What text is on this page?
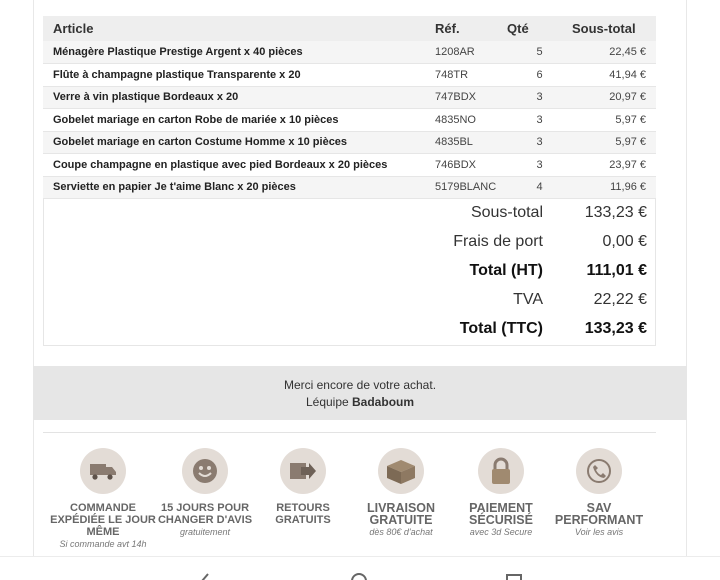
Article	Réf.	Qté	Sous-total
Ménagère Plastique Prestige Argent x 40 pièces	1208AR	5	22,45 €
Flûte à champagne plastique Transparente x 20	748TR	6	41,94 €
Verre à vin plastique Bordeaux x 20	747BDX	3	20,97 €
Gobelet mariage en carton Robe de mariée x 10 pièces	4835NO	3	5,97 €
Gobelet mariage en carton Costume Homme x 10 pièces	4835BL	3	5,97 €
Coupe champagne en plastique avec pied Bordeaux x 20 pièces	746BDX	3	23,97 €
Serviette en papier Je t'aime Blanc x 20 pièces	5179BLANC	4	11,96 €
Sous-total	133,23 €
Frais de port	0,00 €
Total (HT)	111,01 €
TVA	22,22 €
Total (TTC)	133,23 €
Merci encore de votre achat.
Léquipe Badaboum
COMMANDE EXPÉDIÉE LE JOUR MÊME
Si commande avt 14h
15 JOURS POUR CHANGER D'AVIS
gratuitement
RETOURS GRATUITS
LIVRAISON GRATUITE
dès 80€ d'achat
PAIEMENT SÉCURISÉ
avec 3d Secure
SAV PERFORMANT
Voir les avis
